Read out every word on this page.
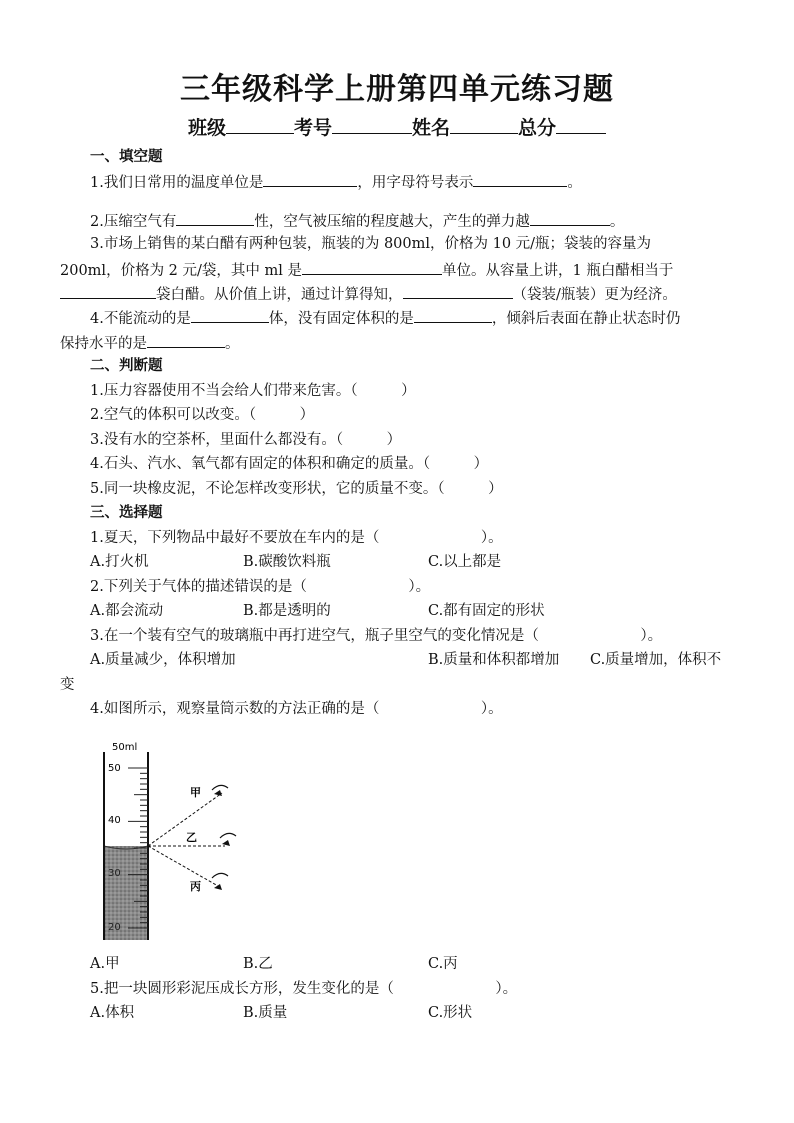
三年级科学上册第四单元练习题
班级	考号	姓名	总分
一、填空题
1.我们日常用的温度单位是	，用字母符号表示	。
2.压缩空气有	性，空气被压缩的程度越大，产生的弹力越	。
3.市场上销售的某白醋有两种包装，瓶装的为 800ml，价格为 10 元/瓶；袋装的容量为
200ml，价格为 2 元/袋，其中 ml 是	单位。从容量上讲，1 瓶白醋相当于
袋白醋。从价值上讲，通过计算得知，	（袋装/瓶装）更为经济。
4.不能流动的是	体，没有固定体积的是	，倾斜后表面在静止状态时仍
保持水平的是	。
二、判断题
1.压力容器使用不当会给人们带来危害。（　　　）
2.空气的体积可以改变。（　　　）
3.没有水的空茶杯，里面什么都没有。（　　　）
4.石头、汽水、氧气都有固定的体积和确定的质量。（　　　）
5.同一块橡皮泥，不论怎样改变形状，它的质量不变。（　　　）
三、选择题
1.夏天，下列物品中最好不要放在车内的是（　　　　　　　）。
A.打火机	B.碳酸饮料瓶	C.以上都是
2.下列关于气体的描述错误的是（　　　　　　　）。
A.都会流动	B.都是透明的	C.都有固定的形状
3.在一个装有空气的玻璃瓶中再打进空气，瓶子里空气的变化情况是（　　　　　　　）。
A.质量减少，体积增加	B.质量和体积都增加 C.质量增加，体积不
变
4.如图所示，观察量筒示数的方法正确的是（　　　　　　　）。
50ml
50
40
30
20
甲
乙
丙
A.甲	B.乙	C.丙
5.把一块圆形彩泥压成长方形，发生变化的是（　　　　　　　）。
A.体积	B.质量	C.形状
